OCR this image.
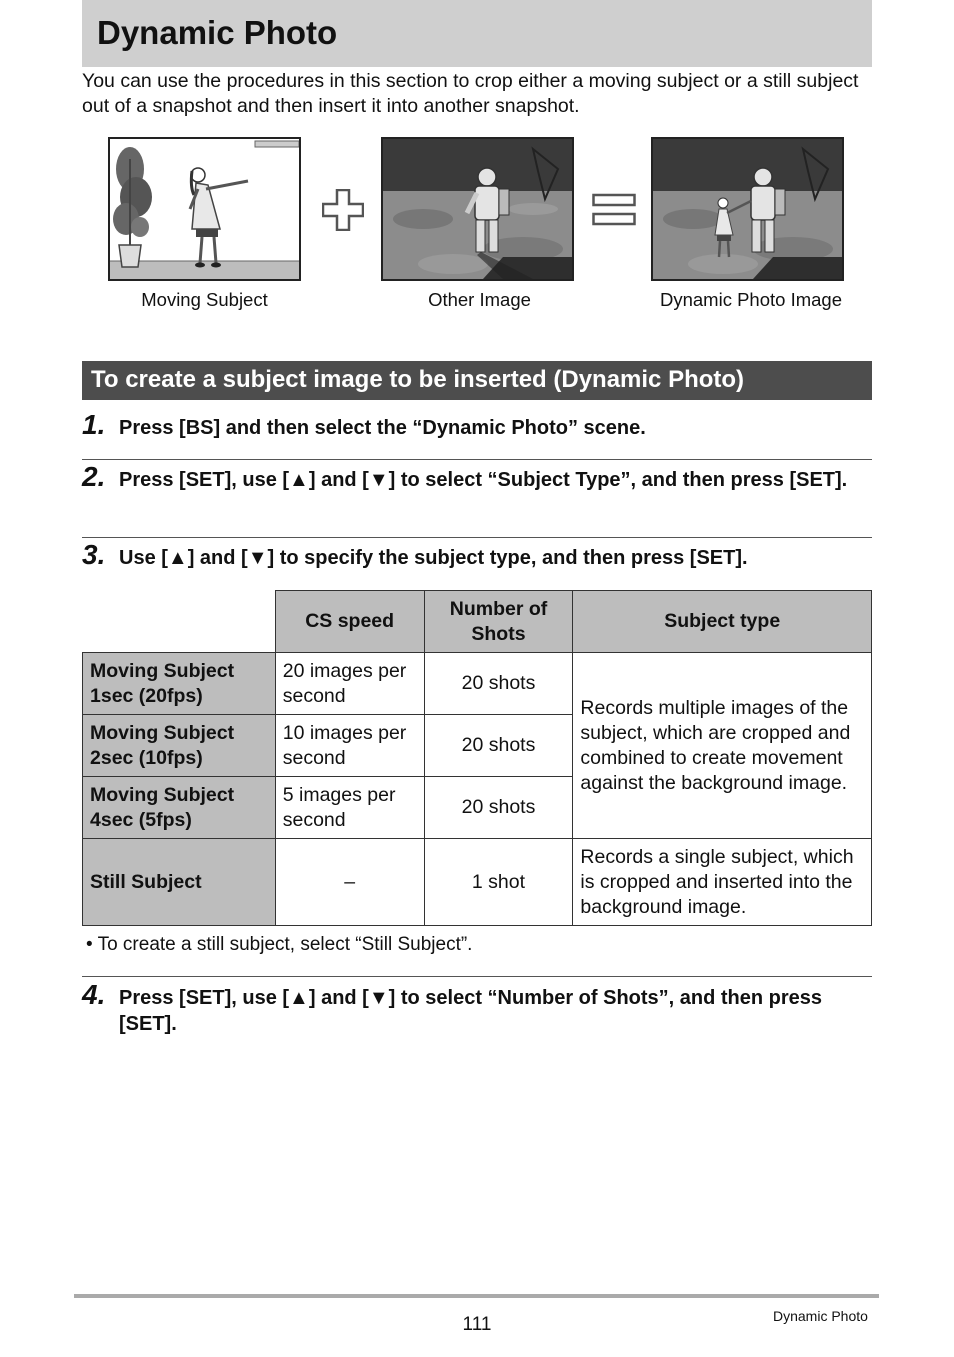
Dynamic Photo
You can use the procedures in this section to crop either a moving subject or a still subject out of a snapshot and then insert it into another snapshot.
Moving Subject	Other Image	Dynamic Photo Image
To create a subject image to be inserted (Dynamic Photo)
1. Press [BS] and then select the “Dynamic Photo” scene.
2. Press [SET], use [▲] and [▼] to select “Subject Type”, and then press [SET].
3. Use [▲] and [▼] to specify the subject type, and then press [SET].
	CS speed	Number of Shots	Subject type
Moving Subject 1sec (20fps)	20 images per second	20 shots	Records multiple images of the subject, which are cropped and combined to create movement against the background image.
Moving Subject 2sec (10fps)	10 images per second	20 shots	
Moving Subject 4sec (5fps)	5 images per second	20 shots	
Still Subject	–	1 shot	Records a single subject, which is cropped and inserted into the background image.
• To create a still subject, select “Still Subject”.
4. Press [SET], use [▲] and [▼] to select “Number of Shots”, and then press [SET].
111	Dynamic Photo
